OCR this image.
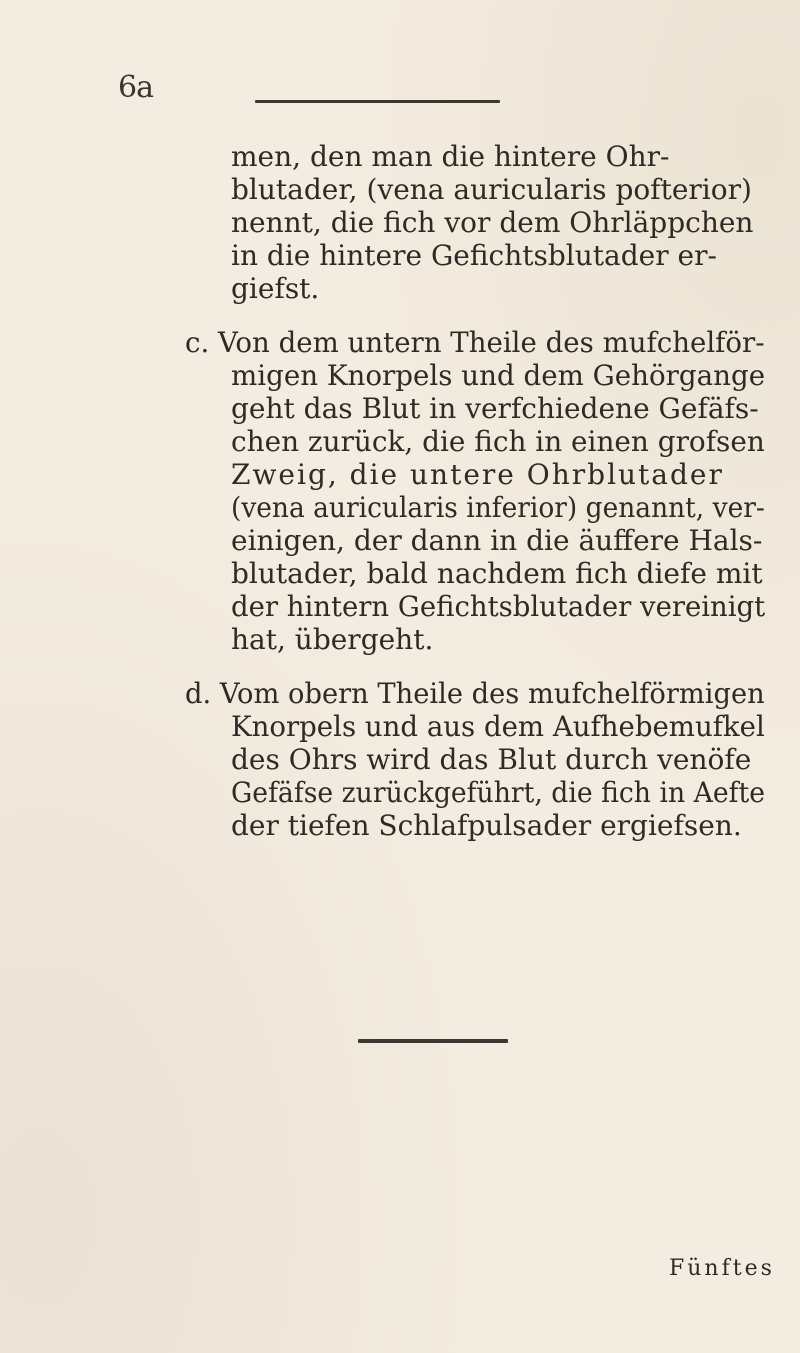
6a
men, den man die hintere Ohr-
blutader, (vena auricularis pofterior)
nennt, die fich vor dem Ohrläppchen
in die hintere Gefichtsblutader er-
giefst.
c. Von dem untern Theile des mufchelför-
migen Knorpels und dem Gehörgange
geht das Blut in verfchiedene Gefäfs-
chen zurück, die fich in einen grofsen
Zweig, die untere Ohrblutader
(vena auricularis inferior) genannt, ver-
einigen, der dann in die äuffere Hals-
blutader, bald nachdem fich diefe mit
der hintern Gefichtsblutader vereinigt
hat, übergeht.
d. Vom obern Theile des mufchelförmigen
Knorpels und aus dem Aufhebemufkel
des Ohrs wird das Blut durch venöfe
Gefäfse zurückgeführt, die fich in Aefte
der tiefen Schlafpulsader ergiefsen.
Fünftes
